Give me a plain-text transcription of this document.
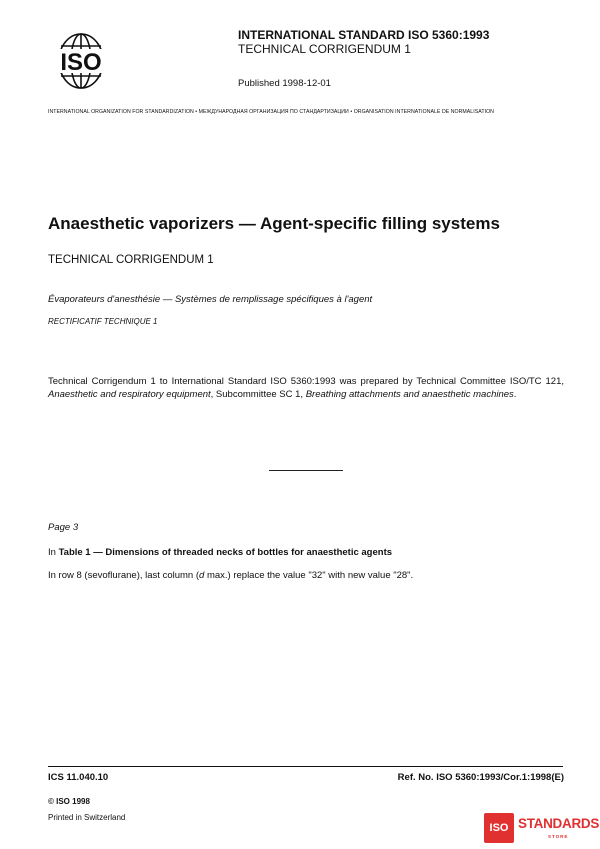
ISO
INTERNATIONAL STANDARD ISO 5360:1993
TECHNICAL CORRIGENDUM 1
Published 1998-12-01
INTERNATIONAL ORGANIZATION FOR STANDARDIZATION • МЕЖДУНАРОДНАЯ ОРГАНИЗАЦИЯ ПО СТАНДАРТИЗАЦИИ • ORGANISATION INTERNATIONALE DE NORMALISATION
Anaesthetic vaporizers — Agent-specific filling systems
TECHNICAL CORRIGENDUM 1
Évaporateurs d'anesthésie — Systèmes de remplissage spécifiques à l'agent
RECTIFICATIF TECHNIQUE 1
Technical Corrigendum 1 to International Standard ISO 5360:1993 was prepared by Technical Committee ISO/TC 121, Anaesthetic and respiratory equipment, Subcommittee SC 1, Breathing attachments and anaesthetic machines.
Page 3
In Table 1 — Dimensions of threaded necks of bottles for anaesthetic agents
In row 8 (sevoflurane), last column (d max.) replace the value "32" with new value "28".
ICS 11.040.10	Ref. No. ISO 5360:1993/Cor.1:1998(E)
© ISO 1998
Printed in Switzerland
ISO STANDARDS
STORE
